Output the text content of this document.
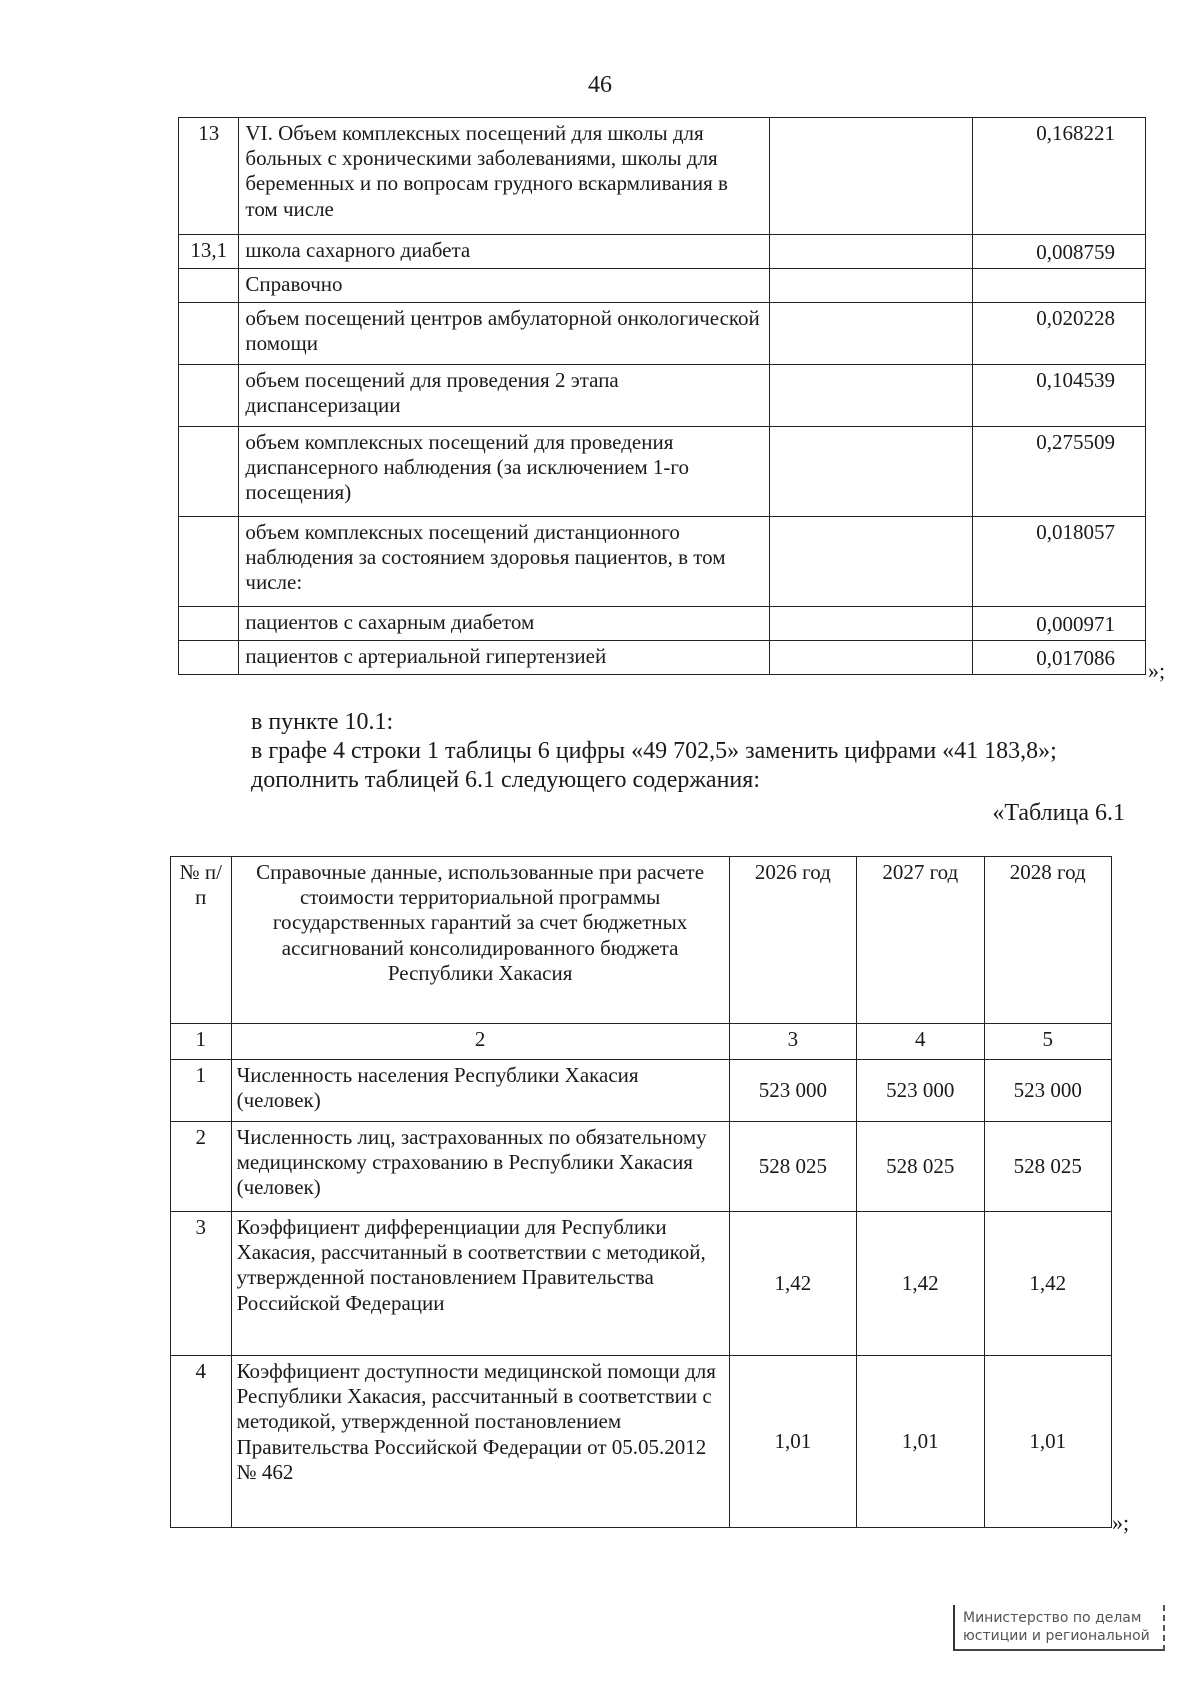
46
13	VI. Объем комплексных посещений для школы для больных с хроническими заболеваниями, школы для беременных и по вопросам грудного вскармливания в том числе		0,168221
13,1	школа сахарного диабета		0,008759
	Справочно		
	объем посещений центров амбулаторной онкологической помощи		0,020228
	объем посещений для проведения 2 этапа диспансеризации		0,104539
	объем комплексных посещений для проведения диспансерного наблюдения (за исключением 1-го посещения)		0,275509
	объем комплексных посещений дистанционного наблюдения за состоянием здоровья пациентов, в том числе:		0,018057
	пациентов с сахарным диабетом		0,000971
	пациентов с артериальной гипертензией		0,017086
»;
в пункте 10.1:
в графе 4 строки 1 таблицы 6 цифры «49 702,5» заменить цифрами «41 183,8»;
дополнить таблицей 6.1 следующего содержания:
«Таблица 6.1
№ п/п	Справочные данные, использованные при расчете стоимости территориальной программы государственных гарантий за счет бюджетных ассигнований консолидированного бюджета Республики Хакасия	2026 год	2027 год	2028 год
1	2	3	4	5
1	Численность населения Республики Хакасия (человек)	523 000	523 000	523 000
2	Численность лиц, застрахованных по обязательному медицинскому страхованию в Республики Хакасия (человек)	528 025	528 025	528 025
3	Коэффициент дифференциации для Республики Хакасия, рассчитанный в соответствии с методикой, утвержденной постановлением Правительства Российской Федерации	1,42	1,42	1,42
4	Коэффициент доступности медицинской помощи для Республики Хакасия, рассчитанный в соответствии с методикой, утвержденной постановлением Правительства Российской Федерации от 05.05.2012 № 462	1,01	1,01	1,01
»;
Министерство по делам
юстиции и региональной
